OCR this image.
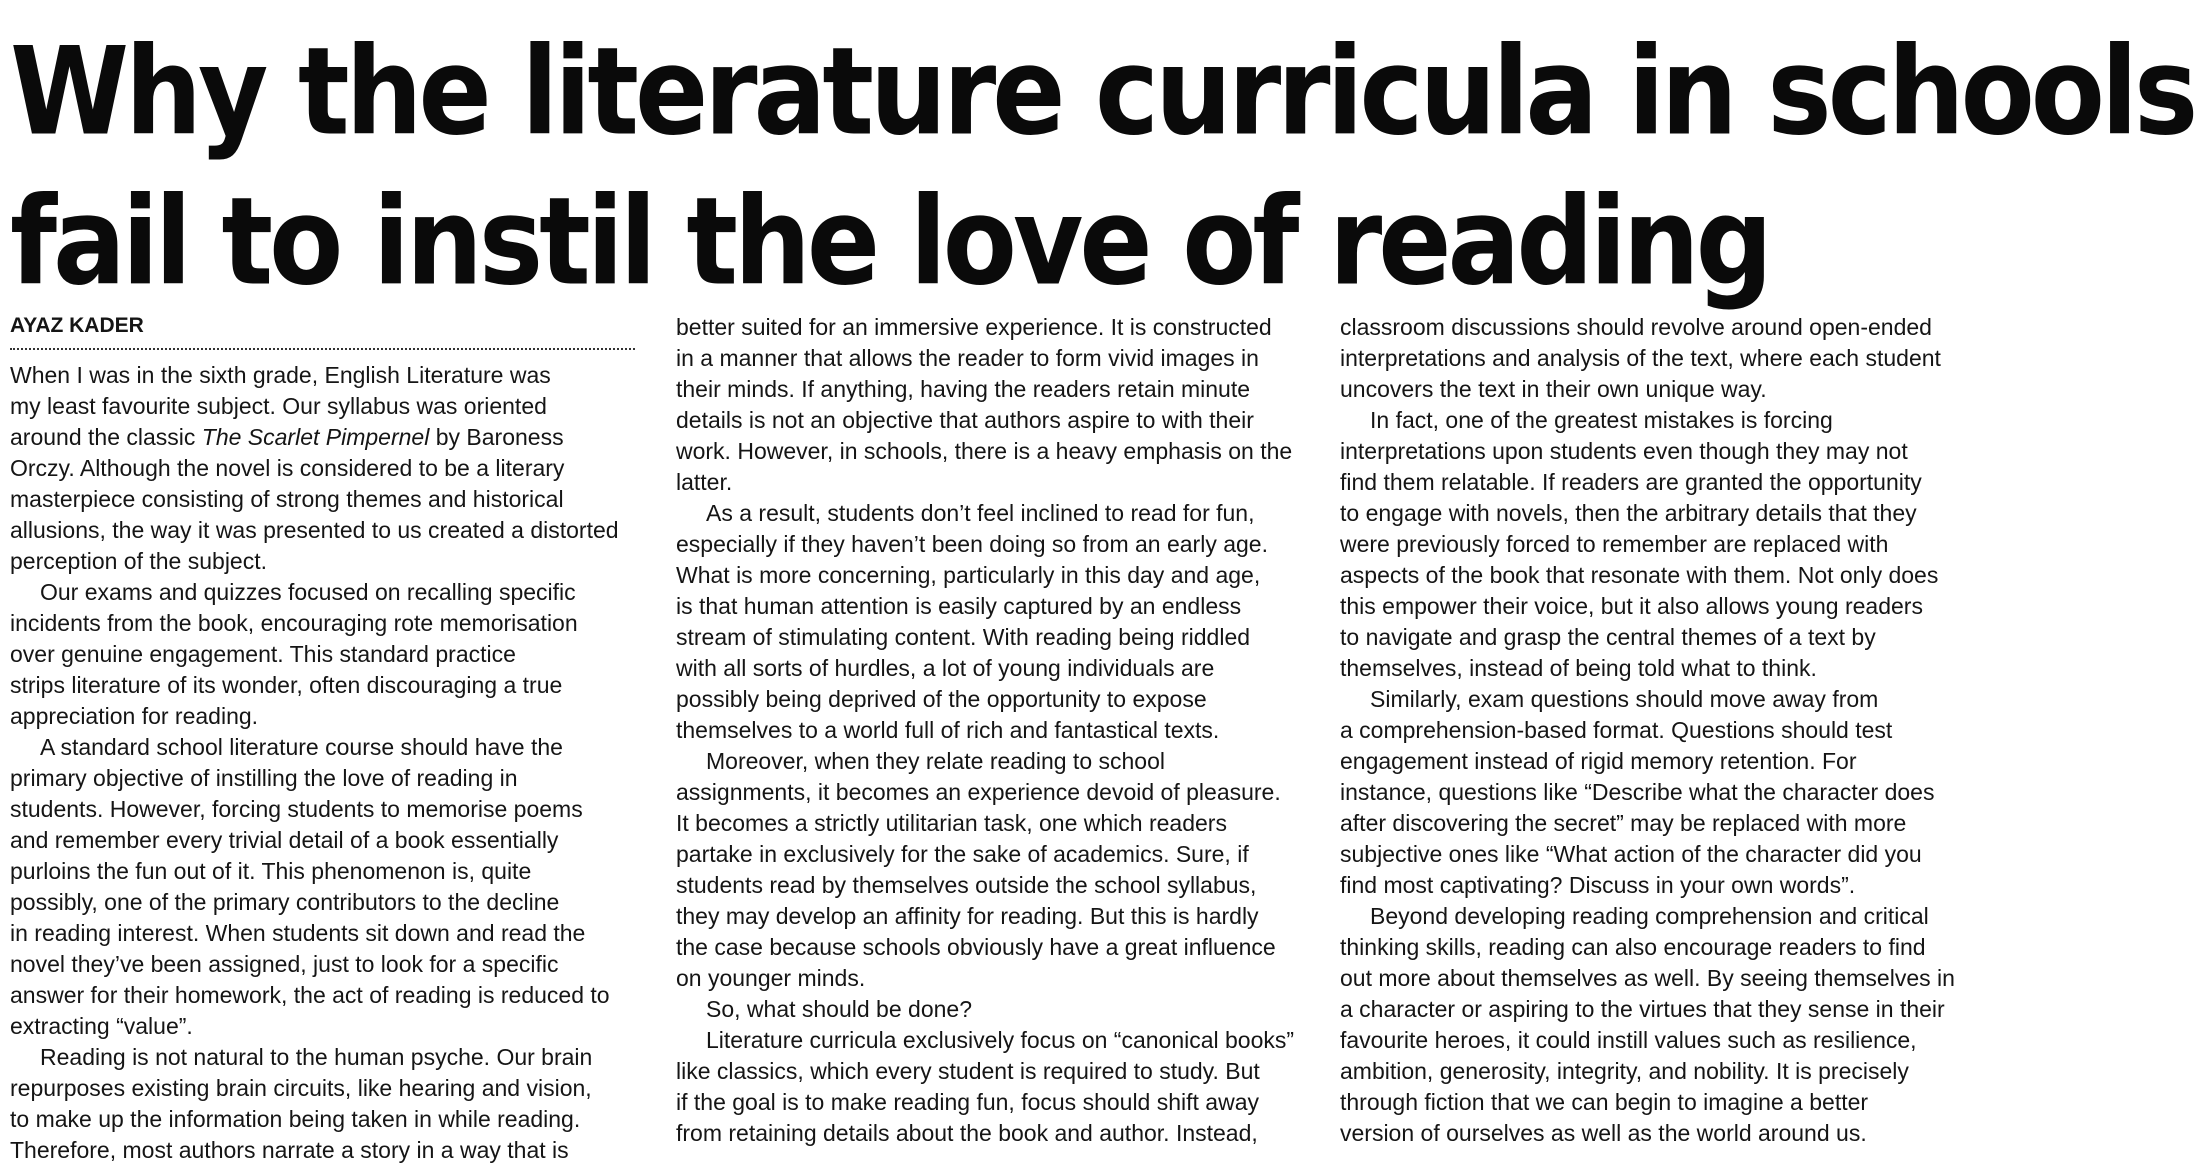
Why the literature curricula in schools
fail to instil the love of reading
AYAZ KADER

When I was in the sixth grade, English Literature was

my least favourite subject. Our syllabus was oriented

around the classic The Scarlet Pimpernel by Baroness

Orczy. Although the novel is considered to be a literary

masterpiece consisting of strong themes and historical

allusions, the way it was presented to us created a distorted

perception of the subject.

Our exams and quizzes focused on recalling specific

incidents from the book, encouraging rote memorisation

over genuine engagement. This standard practice

strips literature of its wonder, often discouraging a true

appreciation for reading.

A standard school literature course should have the

primary objective of instilling the love of reading in

students. However, forcing students to memorise poems

and remember every trivial detail of a book essentially

purloins the fun out of it. This phenomenon is, quite

possibly, one of the primary contributors to the decline

in reading interest. When students sit down and read the

novel they’ve been assigned, just to look for a specific

answer for their homework, the act of reading is reduced to

extracting “value”.

Reading is not natural to the human psyche. Our brain

repurposes existing brain circuits, like hearing and vision,

to make up the information being taken in while reading.

Therefore, most authors narrate a story in a way that is

better suited for an immersive experience. It is constructed

in a manner that allows the reader to form vivid images in

their minds. If anything, having the readers retain minute

details is not an objective that authors aspire to with their

work. However, in schools, there is a heavy emphasis on the

latter.

As a result, students don’t feel inclined to read for fun,

especially if they haven’t been doing so from an early age.

What is more concerning, particularly in this day and age,

is that human attention is easily captured by an endless

stream of stimulating content. With reading being riddled

with all sorts of hurdles, a lot of young individuals are

possibly being deprived of the opportunity to expose

themselves to a world full of rich and fantastical texts.

Moreover, when they relate reading to school

assignments, it becomes an experience devoid of pleasure.

It becomes a strictly utilitarian task, one which readers

partake in exclusively for the sake of academics. Sure, if

students read by themselves outside the school syllabus,

they may develop an affinity for reading. But this is hardly

the case because schools obviously have a great influence

on younger minds.

So, what should be done?

Literature curricula exclusively focus on “canonical books”

like classics, which every student is required to study. But

if the goal is to make reading fun, focus should shift away

from retaining details about the book and author. Instead,

classroom discussions should revolve around open-ended

interpretations and analysis of the text, where each student

uncovers the text in their own unique way.

In fact, one of the greatest mistakes is forcing

interpretations upon students even though they may not

find them relatable. If readers are granted the opportunity

to engage with novels, then the arbitrary details that they

were previously forced to remember are replaced with

aspects of the book that resonate with them. Not only does

this empower their voice, but it also allows young readers

to navigate and grasp the central themes of a text by

themselves, instead of being told what to think.

Similarly, exam questions should move away from

a comprehension-based format. Questions should test

engagement instead of rigid memory retention. For

instance, questions like “Describe what the character does

after discovering the secret” may be replaced with more

subjective ones like “What action of the character did you

find most captivating? Discuss in your own words”.

Beyond developing reading comprehension and critical

thinking skills, reading can also encourage readers to find

out more about themselves as well. By seeing themselves in

a character or aspiring to the virtues that they sense in their

favourite heroes, it could instill values such as resilience,

ambition, generosity, integrity, and nobility. It is precisely

through fiction that we can begin to imagine a better

version of ourselves as well as the world around us.
